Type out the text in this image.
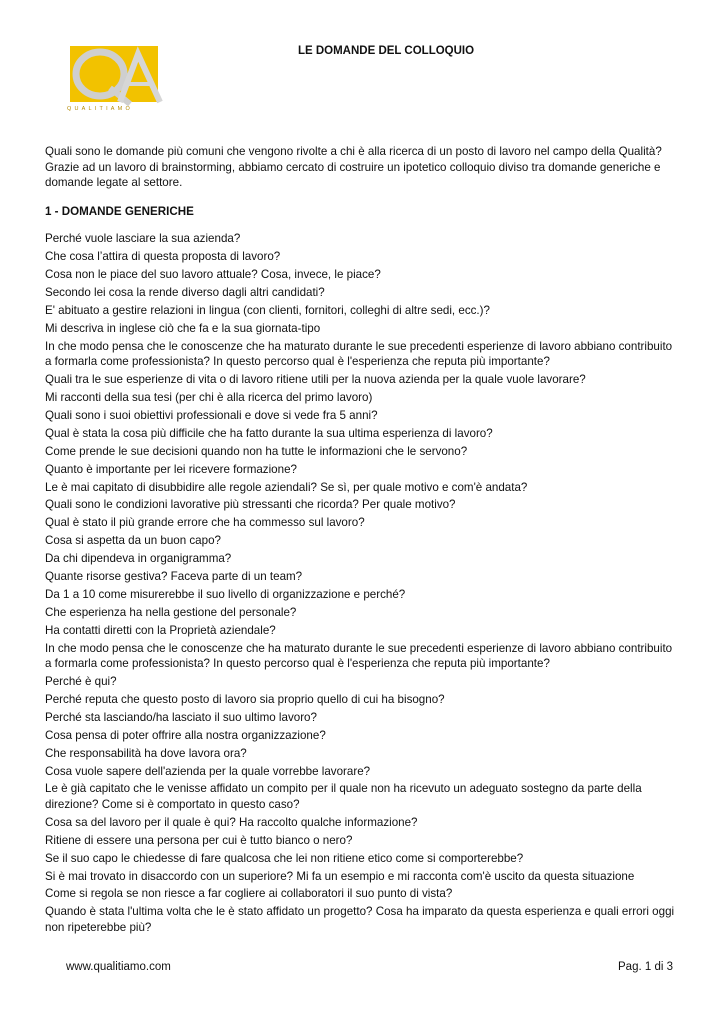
QUALITIAMO
LE DOMANDE DEL COLLOQUIO

Quali sono le domande più comuni che vengono rivolte a chi è alla ricerca di un posto di lavoro nel campo della Qualità? Grazie ad un lavoro di brainstorming, abbiamo cercato di costruire un ipotetico colloquio diviso tra domande generiche e domande legate al settore.

1 - DOMANDE GENERICHE

Perché vuole lasciare la sua azienda?

Che cosa l’attira di questa proposta di lavoro?

Cosa non le piace del suo lavoro attuale? Cosa, invece, le piace?

Secondo lei cosa la rende diverso dagli altri candidati?

E' abituato a gestire relazioni in lingua (con clienti, fornitori, colleghi di altre sedi, ecc.)?

Mi descriva in inglese ciò che fa e la sua giornata-tipo

In che modo pensa che le conoscenze che ha maturato durante le sue precedenti esperienze di lavoro abbiano contribuito a formarla come professionista? In questo percorso qual è l'esperienza che reputa più importante?

Quali tra le sue esperienze di vita o di lavoro ritiene utili per la nuova azienda per la quale vuole lavorare?

Mi racconti della sua tesi (per chi è alla ricerca del primo lavoro)

Quali sono i suoi obiettivi professionali e dove si vede fra 5 anni?

Qual è stata la cosa più difficile che ha fatto durante la sua ultima esperienza di lavoro?

Come prende le sue decisioni quando non ha tutte le informazioni che le servono?

Quanto è importante per lei ricevere formazione?

Le è mai capitato di disubbidire alle regole aziendali? Se sì, per quale motivo e com'è andata?

Quali sono le condizioni lavorative più stressanti che ricorda? Per quale motivo?

Qual è stato il più grande errore che ha commesso sul lavoro?

Cosa si aspetta da un buon capo?

Da chi dipendeva in organigramma?

Quante risorse gestiva? Faceva parte di un team?

Da 1 a 10 come misurerebbe il suo livello di organizzazione e perché?

Che esperienza ha nella gestione del personale?

Ha contatti diretti con la Proprietà aziendale?

In che modo pensa che le conoscenze che ha maturato durante le sue precedenti esperienze di lavoro abbiano contribuito a formarla come professionista? In questo percorso qual è l'esperienza che reputa più importante?

Perché è qui?

Perché reputa che questo posto di lavoro sia proprio quello di cui ha bisogno?

Perché sta lasciando/ha lasciato il suo ultimo lavoro?

Cosa pensa di poter offrire alla nostra organizzazione?

Che responsabilità ha dove lavora ora?

Cosa vuole sapere dell'azienda per la quale vorrebbe lavorare?

Le è già capitato che le venisse affidato un compito per il quale non ha ricevuto un adeguato sostegno da parte della direzione? Come si è comportato in questo caso?

Cosa sa del lavoro per il quale è qui? Ha raccolto qualche informazione?

Ritiene di essere una persona per cui è tutto bianco o nero?

Se il suo capo le chiedesse di fare qualcosa che lei non ritiene etico come si comporterebbe?

Si è mai trovato in disaccordo con un superiore? Mi fa un esempio e mi racconta com'è uscito da questa situazione

Come si regola se non riesce a far cogliere ai collaboratori il suo punto di vista?

Quando è stata l'ultima volta che le è stato affidato un progetto? Cosa ha imparato da questa esperienza e quali errori oggi non ripeterebbe più?

www.qualitiamo.com	Pag. 1 di 3
